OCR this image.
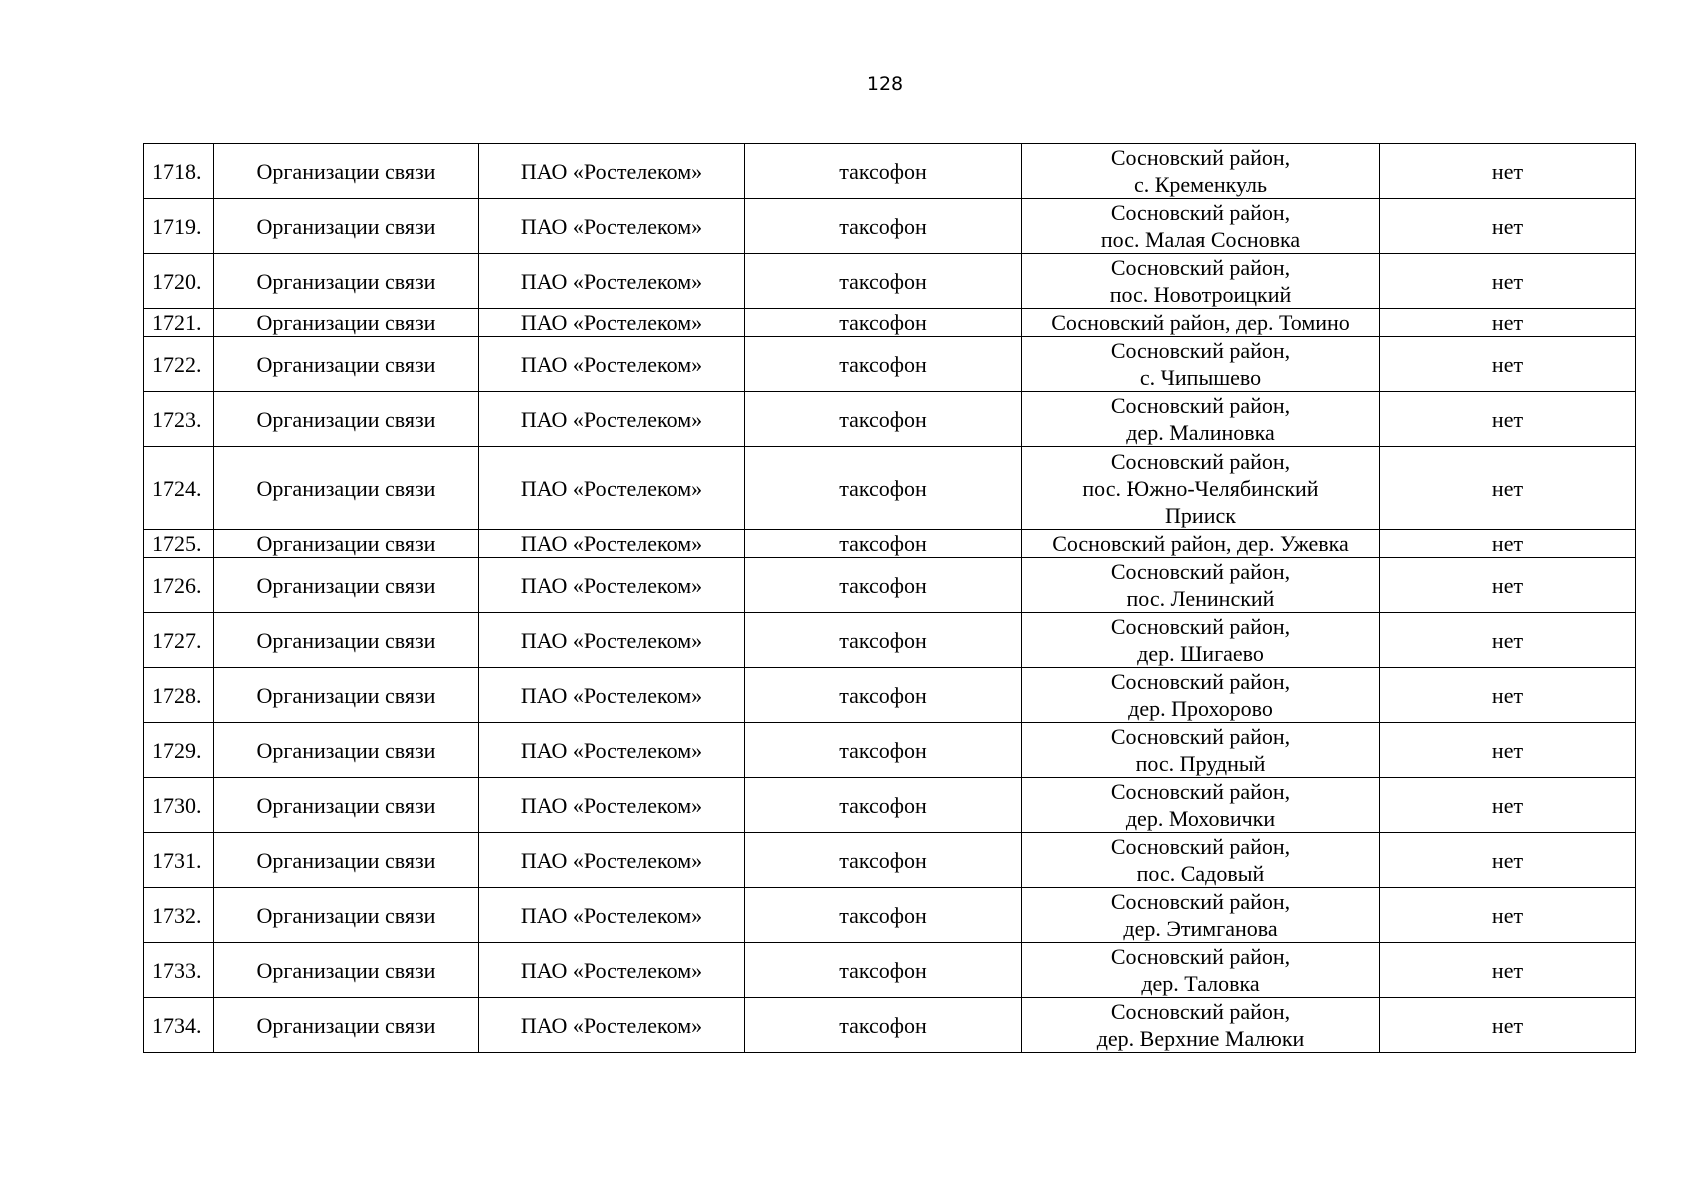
128
1718.	Организации связи	ПАО «Ростелеком»	таксофон	Сосновский район,
с. Кременкуль	нет
1719.	Организации связи	ПАО «Ростелеком»	таксофон	Сосновский район,
пос. Малая Сосновка	нет
1720.	Организации связи	ПАО «Ростелеком»	таксофон	Сосновский район,
пос. Новотроицкий	нет
1721.	Организации связи	ПАО «Ростелеком»	таксофон	Сосновский район, дер. Томино	нет
1722.	Организации связи	ПАО «Ростелеком»	таксофон	Сосновский район,
с. Чипышево	нет
1723.	Организации связи	ПАО «Ростелеком»	таксофон	Сосновский район,
дер. Малиновка	нет
1724.	Организации связи	ПАО «Ростелеком»	таксофон	Сосновский район,
пос. Южно-Челябинский
Прииск	нет
1725.	Организации связи	ПАО «Ростелеком»	таксофон	Сосновский район, дер. Ужевка	нет
1726.	Организации связи	ПАО «Ростелеком»	таксофон	Сосновский район,
пос. Ленинский	нет
1727.	Организации связи	ПАО «Ростелеком»	таксофон	Сосновский район,
дер. Шигаево	нет
1728.	Организации связи	ПАО «Ростелеком»	таксофон	Сосновский район,
дер. Прохорово	нет
1729.	Организации связи	ПАО «Ростелеком»	таксофон	Сосновский район,
пос. Прудный	нет
1730.	Организации связи	ПАО «Ростелеком»	таксофон	Сосновский район,
дер. Моховички	нет
1731.	Организации связи	ПАО «Ростелеком»	таксофон	Сосновский район,
пос. Садовый	нет
1732.	Организации связи	ПАО «Ростелеком»	таксофон	Сосновский район,
дер. Этимганова	нет
1733.	Организации связи	ПАО «Ростелеком»	таксофон	Сосновский район,
дер. Таловка	нет
1734.	Организации связи	ПАО «Ростелеком»	таксофон	Сосновский район,
дер. Верхние Малюки	нет
